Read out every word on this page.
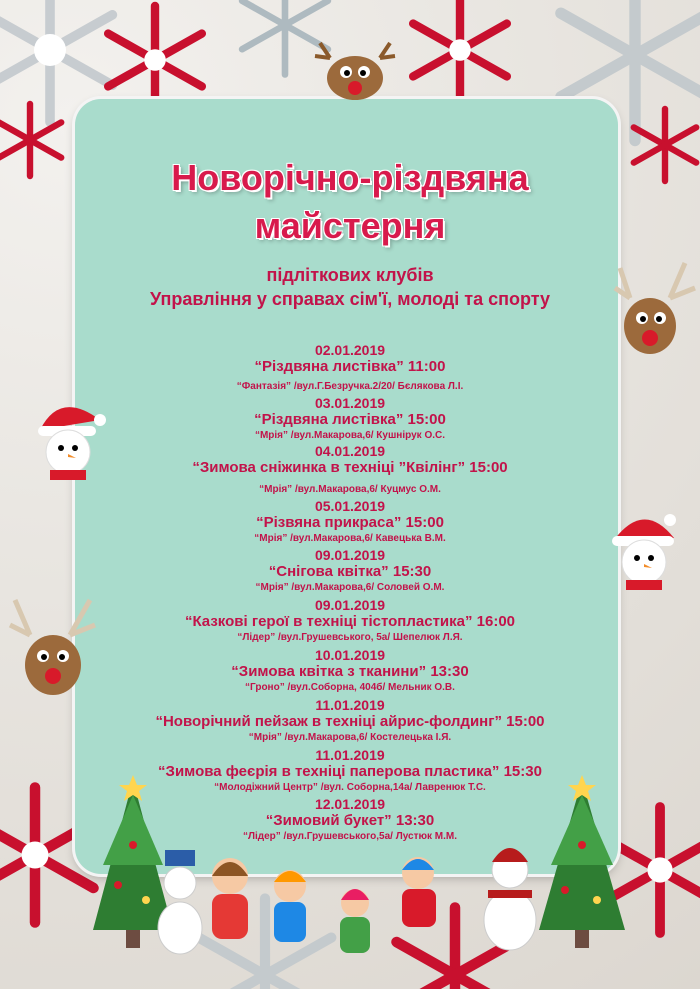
Новорічно-різдвяна
майстерня
підліткових клубів
Управління у справах сім'ї, молоді та спорту
02.01.2019
“Різдвяна листівка” 11:00
“Фантазія” /вул.Г.Безручка.2/20/ Бєлякова Л.І.
03.01.2019
“Різдвяна листівка” 15:00
“Мрія” /вул.Макарова,6/ Кушнірук О.С.
04.01.2019
“Зимова сніжинка в техніці ”Квілінг” 15:00
“Мрія” /вул.Макарова,6/ Куцмус О.М.
05.01.2019
“Різвяна прикраса” 15:00
“Мрія” /вул.Макарова,6/ Кавецька В.М.
09.01.2019
“Снігова квітка” 15:30
“Мрія” /вул.Макарова,6/ Соловей О.М.
09.01.2019
“Казкові герої в техніці тістопластика” 16:00
“Лідер” /вул.Грушевського, 5а/ Шепелюк Л.Я.
10.01.2019
“Зимова квітка з тканини” 13:30
“Гроно” /вул.Соборна, 404б/ Мельник О.В.
11.01.2019
“Новорічний пейзаж в техніці айрис-фолдинг” 15:00
“Мрія” /вул.Макарова,6/ Костелецька І.Я.
11.01.2019
“Зимова феєрія в техніці паперова пластика” 15:30
“Молодіжний Центр” /вул. Соборна,14а/ Лавренюк Т.С.
12.01.2019
“Зимовий букет” 13:30
“Лідер” /вул.Грушевського,5а/ Лустюк М.М.
